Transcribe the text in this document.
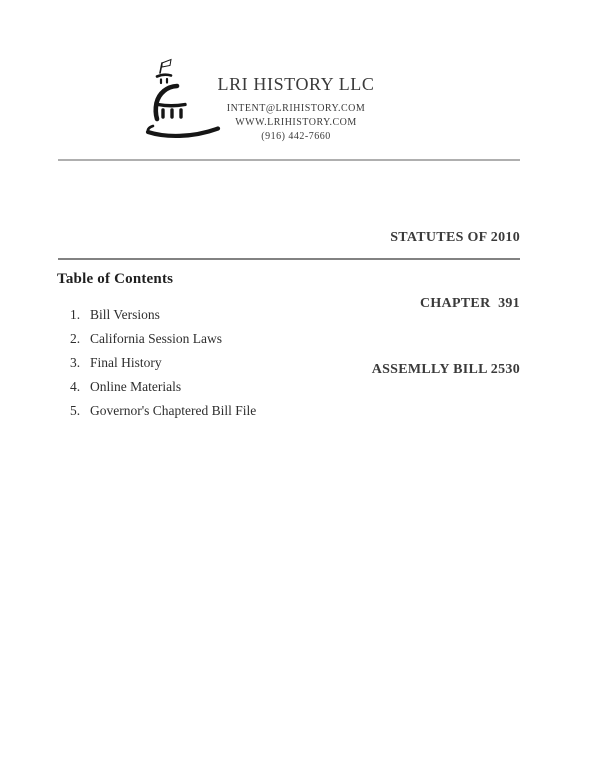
LRI HISTORY LLC
INTENT@LRIHISTORY.COM
WWW.LRIHISTORY.COM
(916) 442-7660

STATUTES OF 2010

CHAPTER  391

ASSEMLLY BILL 2530

Table of Contents
1. Bill Versions
2. California Session Laws
3. Final History
4. Online Materials
5. Governor's Chaptered Bill File
